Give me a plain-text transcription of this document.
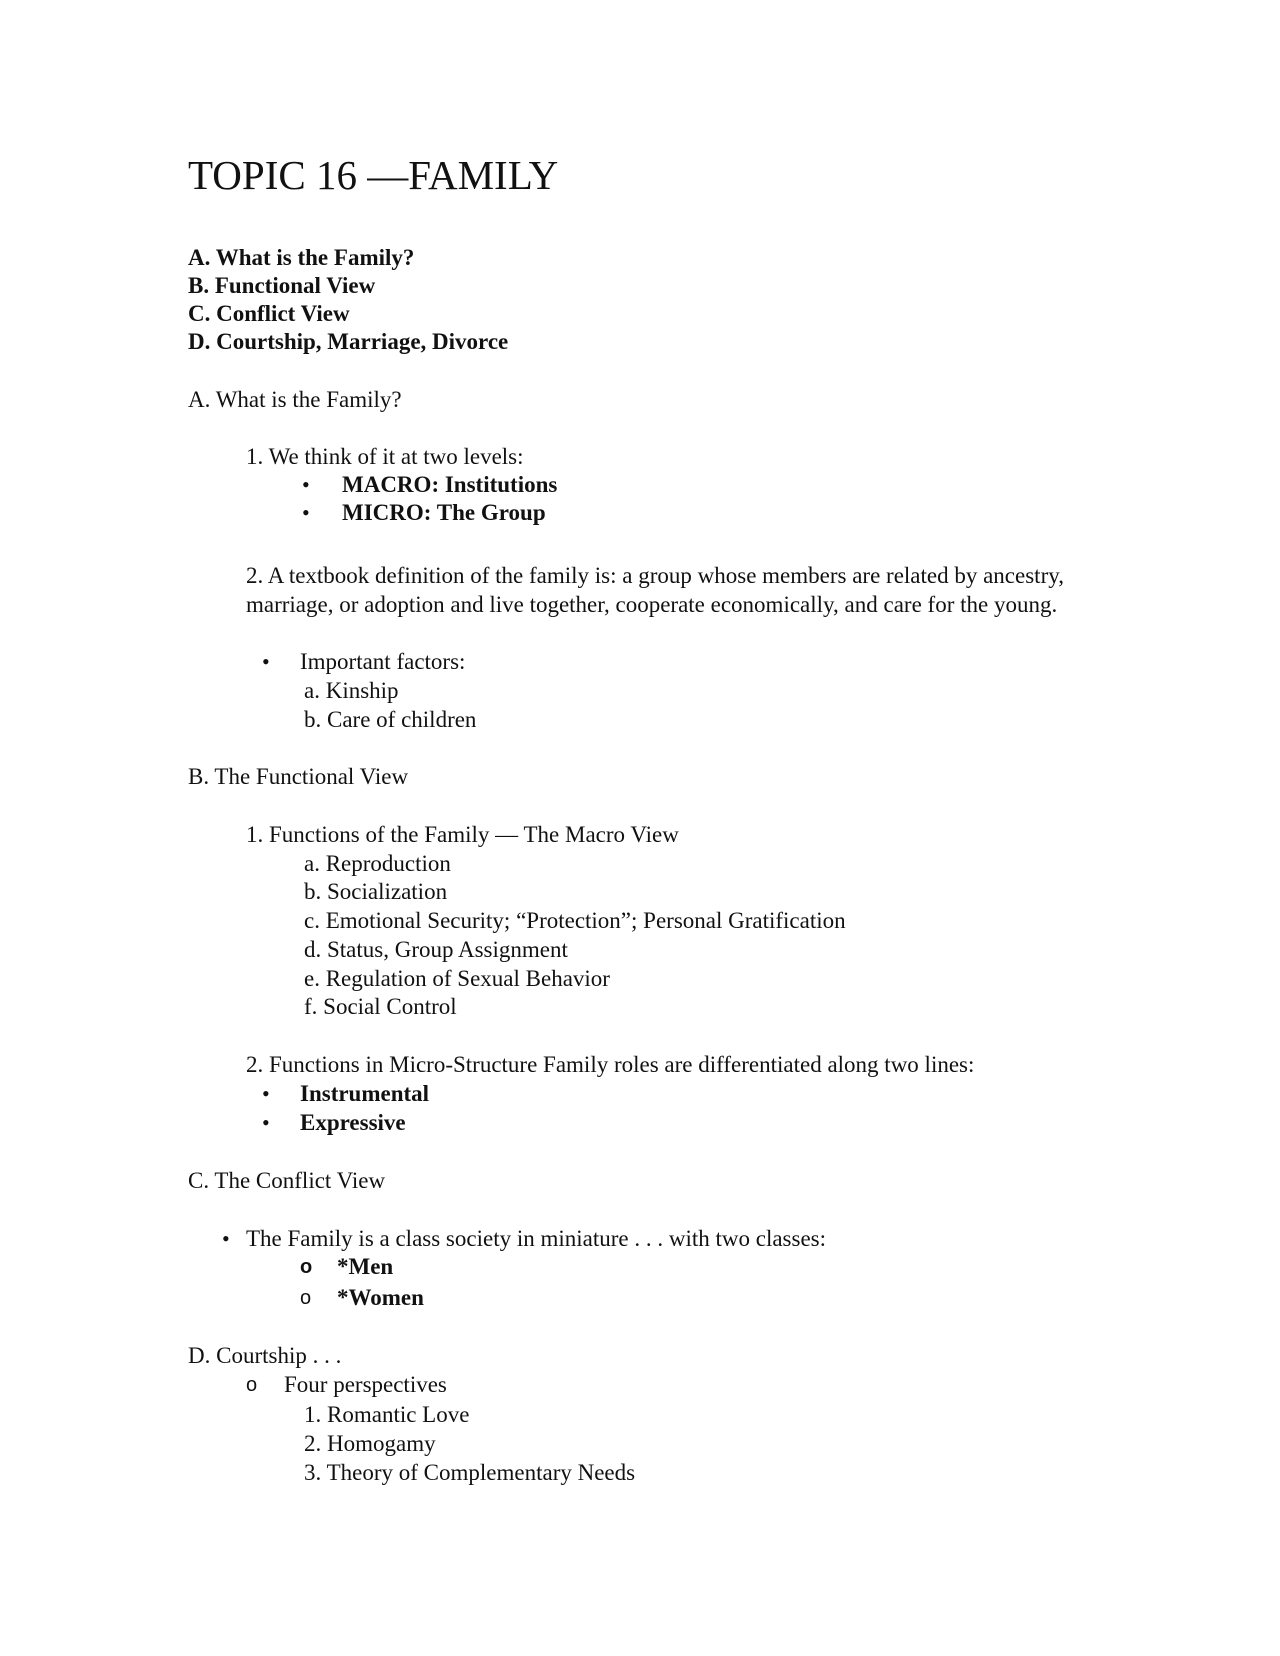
TOPIC 16 —FAMILY
A. What is the Family?
B. Functional View
C. Conflict View
D. Courtship, Marriage, Divorce
A. What is the Family?
1. We think of it at two levels:
• MACRO: Institutions
• MICRO: The Group
2. A textbook definition of the family is: a group whose members are related by ancestry, marriage, or adoption and live together, cooperate economically, and care for the young.
• Important factors:
a. Kinship
b. Care of children
B. The Functional View
1. Functions of the Family — The Macro View
a. Reproduction
b. Socialization
c. Emotional Security; “Protection”; Personal Gratification
d. Status, Group Assignment
e. Regulation of Sexual Behavior
f. Social Control
2. Functions in Micro-Structure Family roles are differentiated along two lines:
• Instrumental
• Expressive
C. The Conflict View
• The Family is a class society in miniature . . . with two classes:
o *Men
o *Women
D. Courtship . . .
o Four perspectives
1. Romantic Love
2. Homogamy
3. Theory of Complementary Needs
